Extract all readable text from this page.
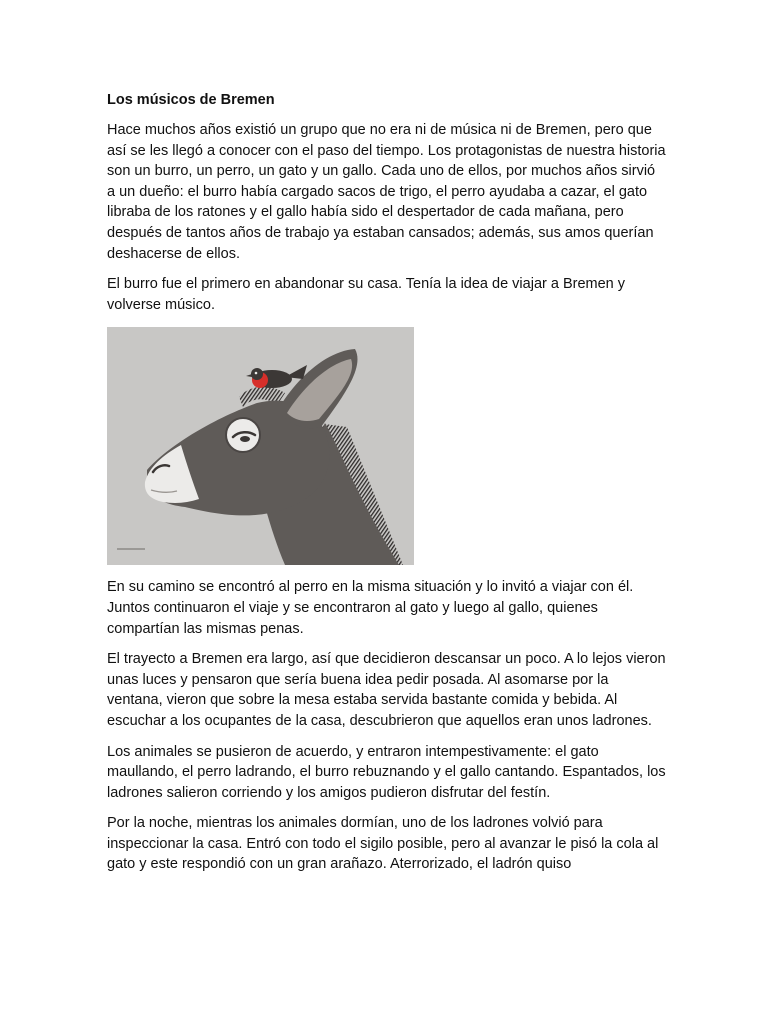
Los músicos de Bremen

Hace muchos años existió un grupo que no era ni de música ni de Bremen, pero que así se les llegó a conocer con el paso del tiempo. Los protagonistas de nuestra historia son un burro, un perro, un gato y un gallo. Cada uno de ellos, por muchos años sirvió a un dueño: el burro había cargado sacos de trigo, el perro ayudaba a cazar, el gato libraba de los ratones y el gallo había sido el despertador de cada mañana, pero después de tantos años de trabajo ya estaban cansados; además, sus amos querían deshacerse de ellos.

El burro fue el primero en abandonar su casa. Tenía la idea de viajar a Bremen y volverse músico.

En su camino se encontró al perro en la misma situación y lo invitó a viajar con él. Juntos continuaron el viaje y se encontraron al gato y luego al gallo, quienes compartían las mismas penas.

El trayecto a Bremen era largo, así que decidieron descansar un poco. A lo lejos vieron unas luces y pensaron que sería buena idea pedir posada. Al asomarse por la ventana, vieron que sobre la mesa estaba servida bastante comida y bebida. Al escuchar a los ocupantes de la casa, descubrieron que aquellos eran unos ladrones.

Los animales se pusieron de acuerdo, y entraron intempestivamente: el gato maullando, el perro ladrando, el burro rebuznando y el gallo cantando. Espantados, los ladrones salieron corriendo y los amigos pudieron disfrutar del festín.

Por la noche, mientras los animales dormían, uno de los ladrones volvió para inspeccionar la casa. Entró con todo el sigilo posible, pero al avanzar le pisó la cola al gato y este respondió con un gran arañazo. Aterrorizado, el ladrón quiso
